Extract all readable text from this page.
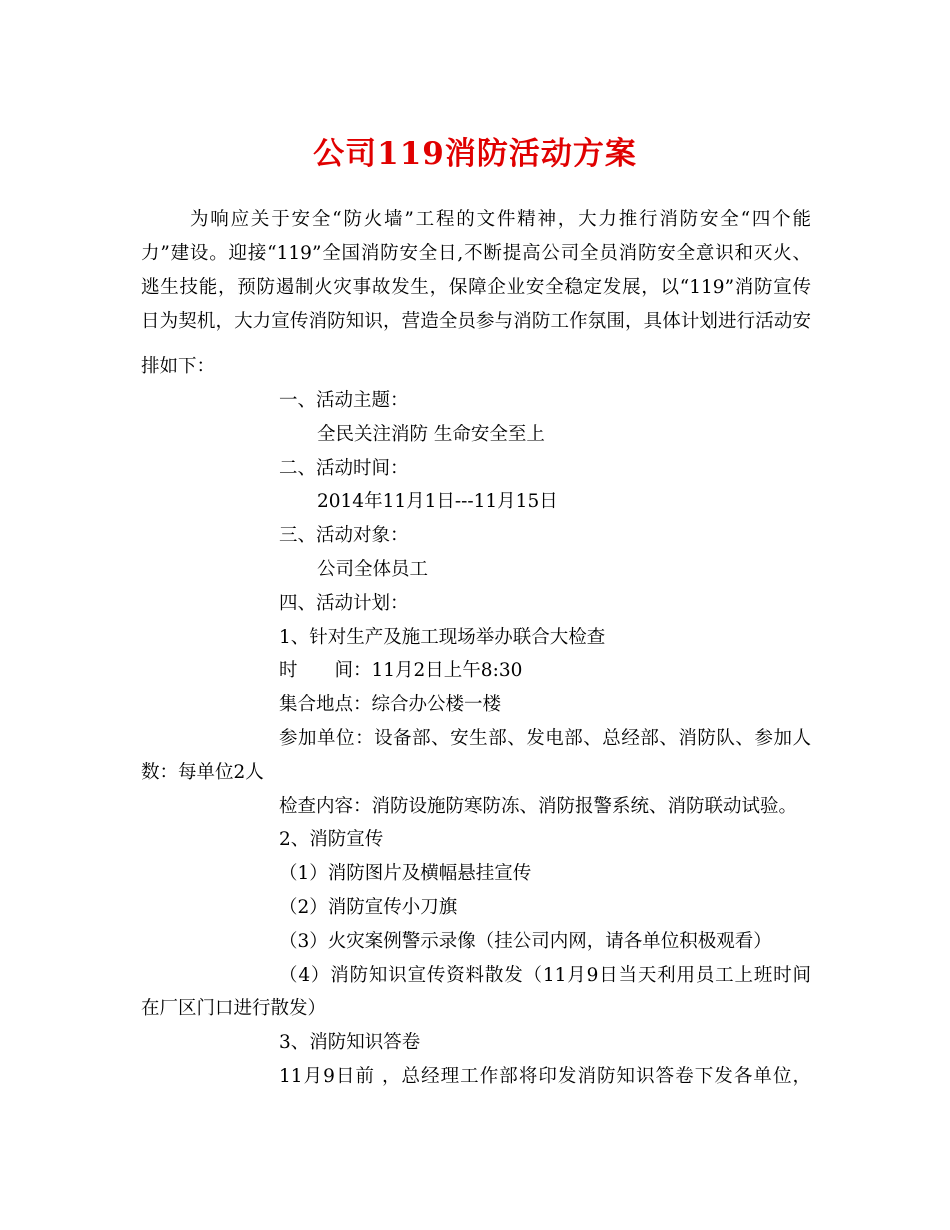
公司119消防活动方案
为响应关于安全“防火墙”工程的文件精神，大力推行消防安全“四个能
力”建设。迎接“119”全国消防安全日,不断提高公司全员消防安全意识和灭火、
逃生技能，预防遏制火灾事故发生，保障企业安全稳定发展，以“119”消防宣传
日为契机，大力宣传消防知识，营造全员参与消防工作氛围，具体计划进行活动安
排如下：
一、活动主题：
全民关注消防 生命安全至上
二、活动时间：
2014年11月1日---11月15日
三、活动对象：
公司全体员工
四、活动计划：
1、针对生产及施工现场举办联合大检查
时　　间：11月2日上午8:30
集合地点：综合办公楼一楼
参加单位：设备部、安生部、发电部、总经部、消防队、参加人
数：每单位2人
检查内容：消防设施防寒防冻、消防报警系统、消防联动试验。
2、消防宣传
（1）消防图片及横幅悬挂宣传
（2）消防宣传小刀旗
（3）火灾案例警示录像（挂公司内网，请各单位积极观看）
（4）消防知识宣传资料散发（11月9日当天利用员工上班时间
在厂区门口进行散发）
3、消防知识答卷
11月9日前 ，总经理工作部将印发消防知识答卷下发各单位，
